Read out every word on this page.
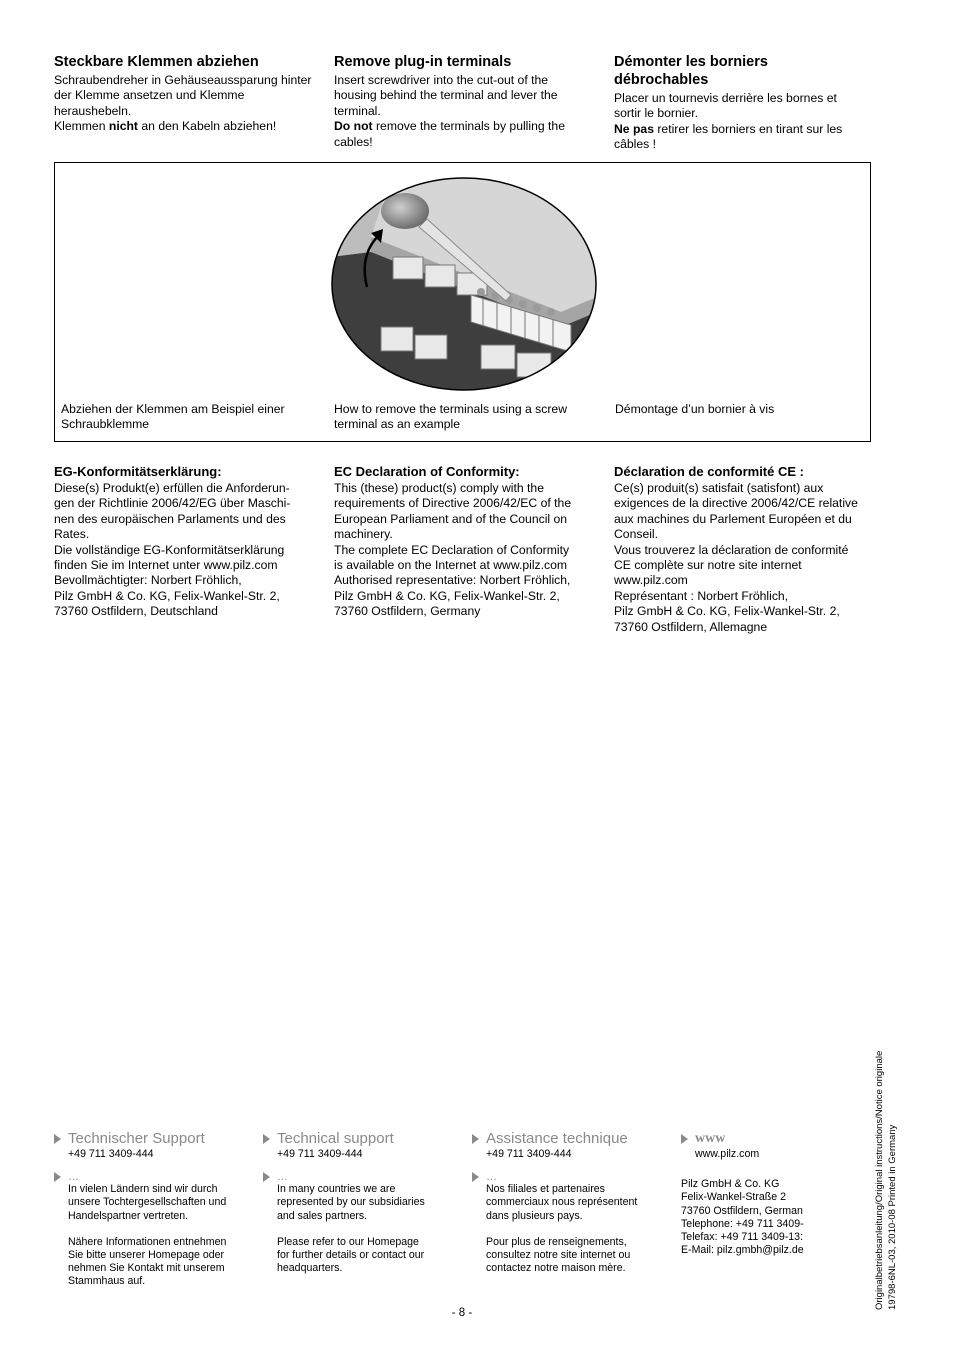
Steckbare Klemmen abziehen

Schraubendreher in Gehäuseaussparung hinter der Klemme ansetzen und Klemme heraushebeln.

Klemmen nicht an den Kabeln abziehen!

Remove plug-in terminals

Insert screwdriver into the cut-out of the housing behind the terminal and lever the terminal.

Do not remove the terminals by pulling the cables!

Démonter les borniers débrochables

Placer un tournevis derrière les bornes et sortir le bornier.

Ne pas retirer les borniers en tirant sur les câbles !

Abziehen der Klemmen am Beispiel einer Schraubklemme
How to remove the terminals using a screw terminal as an example
Démontage d’un bornier à vis
EG-Konformitätserklärung:
Diese(s) Produkt(e) erfüllen die Anforderun-
gen der Richtlinie 2006/42/EG über Maschi-
nen des europäischen Parlaments und des
Rates.
Die vollständige EG-Konformitätserklärung
finden Sie im Internet unter www.pilz.com
Bevollmächtigter: Norbert Fröhlich,
Pilz GmbH & Co. KG, Felix-Wankel-Str. 2,
73760 Ostfildern, Deutschland
EC Declaration of Conformity:
This (these) product(s) comply with the
requirements of Directive 2006/42/EC of the
European Parliament and of the Council on
machinery.
The complete EC Declaration of Conformity
is available on the Internet at www.pilz.com
Authorised representative: Norbert Fröhlich,
Pilz GmbH & Co. KG, Felix-Wankel-Str. 2,
73760 Ostfildern, Germany
Déclaration de conformité CE :
Ce(s) produit(s) satisfait (satisfont) aux
exigences de la directive 2006/42/CE relative
aux machines du Parlement Européen et du
Conseil.
Vous trouverez la déclaration de conformité
CE complète sur notre site internet
www.pilz.com
Représentant : Norbert Fröhlich,
Pilz GmbH & Co. KG, Felix-Wankel-Str. 2,
73760 Ostfildern, Allemagne
Technischer Support
+49 711 3409-444
…
In vielen Ländern sind wir durch
unsere Tochtergesellschaften und
Handelspartner vertreten.
Nähere Informationen entnehmen
Sie bitte unserer Homepage oder
nehmen Sie Kontakt mit unserem
Stammhaus auf.
Technical support
+49 711 3409-444
…
In many countries we are
represented by our subsidiaries
and sales partners.
Please refer to our Homepage
for further details or contact our
headquarters.
Assistance technique
+49 711 3409-444
…
Nos filiales et partenaires
commerciaux nous représentent
dans plusieurs pays.
Pour plus de renseignements,
consultez notre site internet ou
contactez notre maison mère.
www
www.pilz.com
Pilz GmbH & Co. KG
Felix-Wankel-Straße 2
73760 Ostfildern, German
Telephone: +49 711 3409-
Telefax: +49 711 3409-13:
E-Mail: pilz.gmbh@pilz.de	Originalbetriebsanleitung/Original instructions/Notice originale 19798-6NL-03, 2010-08 Printed in Germany
- 8 -
